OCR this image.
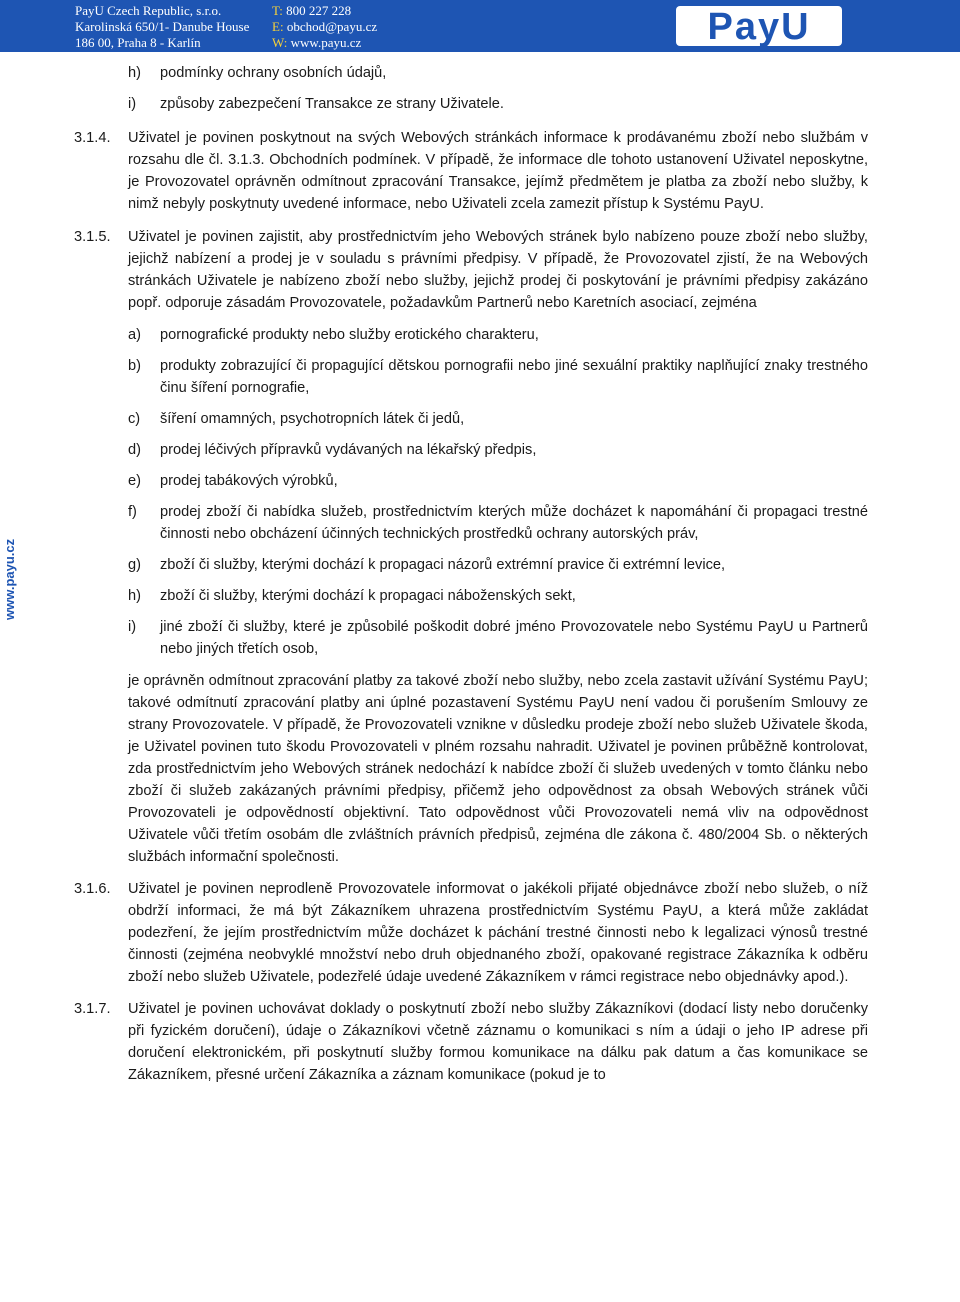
PayU Czech Republic, s.r.o.
Karolinská 650/1- Danube House
186 00, Praha 8 - Karlín
T: 800 227 228
E: obchod@payu.cz
W: www.payu.cz	PayU
www.payu.cz
h)	podmínky ochrany osobních údajů,
i)	způsoby zabezpečení Transakce ze strany Uživatele.
3.1.4.	Uživatel je povinen poskytnout na svých Webových stránkách informace k prodávanému zboží nebo službám v rozsahu dle čl. 3.1.3. Obchodních podmínek. V případě, že informace dle tohoto ustanovení Uživatel neposkytne, je Provozovatel oprávněn odmítnout zpracování Transakce, jejímž předmětem je platba za zboží nebo služby, k nimž nebyly poskytnuty uvedené informace, nebo Uživateli zcela zamezit přístup k Systému PayU.

3.1.5.	Uživatel je povinen zajistit, aby prostřednictvím jeho Webových stránek bylo nabízeno pouze zboží nebo služby, jejichž nabízení a prodej je v souladu s právními předpisy. V případě, že Provozovatel zjistí, že na Webových stránkách Uživatele je nabízeno zboží nebo služby, jejichž prodej či poskytování je právními předpisy zakázáno popř. odporuje zásadám Provozovatele, požadavkům Partnerů nebo Karetních asociací, zejména

a)	pornografické produkty nebo služby erotického charakteru,
b)	produkty zobrazující či propagující dětskou pornografii nebo jiné sexuální praktiky naplňující znaky trestného činu šíření pornografie,
c)	šíření omamných, psychotropních látek či jedů,
d)	prodej léčivých přípravků vydávaných na lékařský předpis,
e)	prodej tabákových výrobků,
f)	prodej zboží či nabídka služeb, prostřednictvím kterých může docházet k napomáhání či propagaci trestné činnosti nebo obcházení účinných technických prostředků ochrany autorských práv,
g)	zboží či služby, kterými dochází k propagaci názorů extrémní pravice či extrémní levice,
h)	zboží či služby, kterými dochází k propagaci náboženských sekt,
i)	jiné zboží či služby, které je způsobilé poškodit dobré jméno Provozovatele nebo Systému PayU u Partnerů nebo jiných třetích osob,

je oprávněn odmítnout zpracování platby za takové zboží nebo služby, nebo zcela zastavit užívání Systému PayU; takové odmítnutí zpracování platby ani úplné pozastavení Systému PayU není vadou či porušením Smlouvy ze strany Provozovatele. V případě, že Provozovateli vznikne v důsledku prodeje zboží nebo služeb Uživatele škoda, je Uživatel povinen tuto škodu Provozovateli v plném rozsahu nahradit. Uživatel je povinen průběžně kontrolovat, zda prostřednictvím jeho Webových stránek nedochází k nabídce zboží či služeb uvedených v tomto článku nebo zboží či služeb zakázaných právními předpisy, přičemž jeho odpovědnost za obsah Webových stránek vůči Provozovateli je odpovědností objektivní. Tato odpovědnost vůči Provozovateli nemá vliv na odpovědnost Uživatele vůči třetím osobám dle zvláštních právních předpisů, zejména dle zákona č. 480/2004 Sb. o některých službách informační společnosti.

3.1.6.	Uživatel je povinen neprodleně Provozovatele informovat o jakékoli přijaté objednávce zboží nebo služeb, o níž obdrží informaci, že má být Zákazníkem uhrazena prostřednictvím Systému PayU, a která může zakládat podezření, že jejím prostřednictvím může docházet k páchání trestné činnosti nebo k legalizaci výnosů trestné činnosti (zejména neobvyklé množství nebo druh objednaného zboží, opakované registrace Zákazníka k odběru zboží nebo služeb Uživatele, podezřelé údaje uvedené Zákazníkem v rámci registrace nebo objednávky apod.).

3.1.7.	Uživatel je povinen uchovávat doklady o poskytnutí zboží nebo služby Zákazníkovi (dodací listy nebo doručenky při fyzickém doručení), údaje o Zákazníkovi včetně záznamu o komunikaci s ním a údaji o jeho IP adrese při doručení elektronickém, při poskytnutí služby formou komunikace na dálku pak datum a čas komunikace se Zákazníkem, přesné určení Zákazníka a záznam komunikace (pokud je to
